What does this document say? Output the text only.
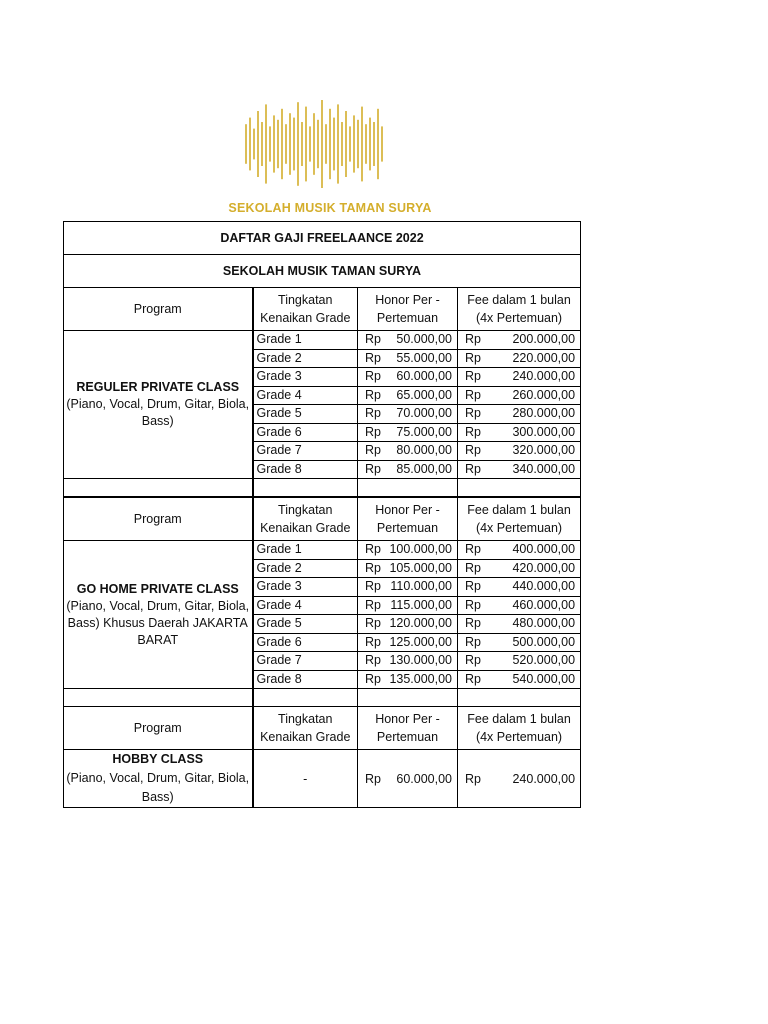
SEKOLAH MUSIK TAMAN SURYA
DAFTAR GAJI FREELAANCE 2022			
SEKOLAH MUSIK TAMAN SURYA			
Program	Tingkatan Kenaikan Grade	Honor Per - Pertemuan	Fee dalam 1 bulan (4x Pertemuan)
REGULER PRIVATE CLASS
(Piano, Vocal, Drum, Gitar, Biola, Bass)	Grade 1	Rp 50.000,00	Rp 200.000,00

	Grade 2	Rp 55.000,00	Rp 220.000,00

	Grade 3	Rp 60.000,00	Rp 240.000,00

	Grade 4	Rp 65.000,00	Rp 260.000,00

	Grade 5	Rp 70.000,00	Rp 280.000,00

	Grade 6	Rp 75.000,00	Rp 300.000,00

	Grade 7	Rp 80.000,00	Rp 320.000,00

	Grade 8	Rp 85.000,00	Rp 340.000,00

Program	Tingkatan Kenaikan Grade	Honor Per - Pertemuan	Fee dalam 1 bulan (4x Pertemuan)
GO HOME PRIVATE CLASS
(Piano, Vocal, Drum, Gitar, Biola, Bass) Khusus Daerah JAKARTA BARAT	Grade 1	Rp 100.000,00	Rp 400.000,00

	Grade 2	Rp 105.000,00	Rp 420.000,00

	Grade 3	Rp 110.000,00	Rp 440.000,00

	Grade 4	Rp 115.000,00	Rp 460.000,00

	Grade 5	Rp 120.000,00	Rp 480.000,00

	Grade 6	Rp 125.000,00	Rp 500.000,00

	Grade 7	Rp 130.000,00	Rp 520.000,00

	Grade 8	Rp 135.000,00	Rp 540.000,00

Program	Tingkatan Kenaikan Grade	Honor Per - Pertemuan	Fee dalam 1 bulan (4x Pertemuan)
HOBBY CLASS
(Piano, Vocal, Drum, Gitar, Biola, Bass)	-	Rp 60.000,00	Rp 240.000,00
